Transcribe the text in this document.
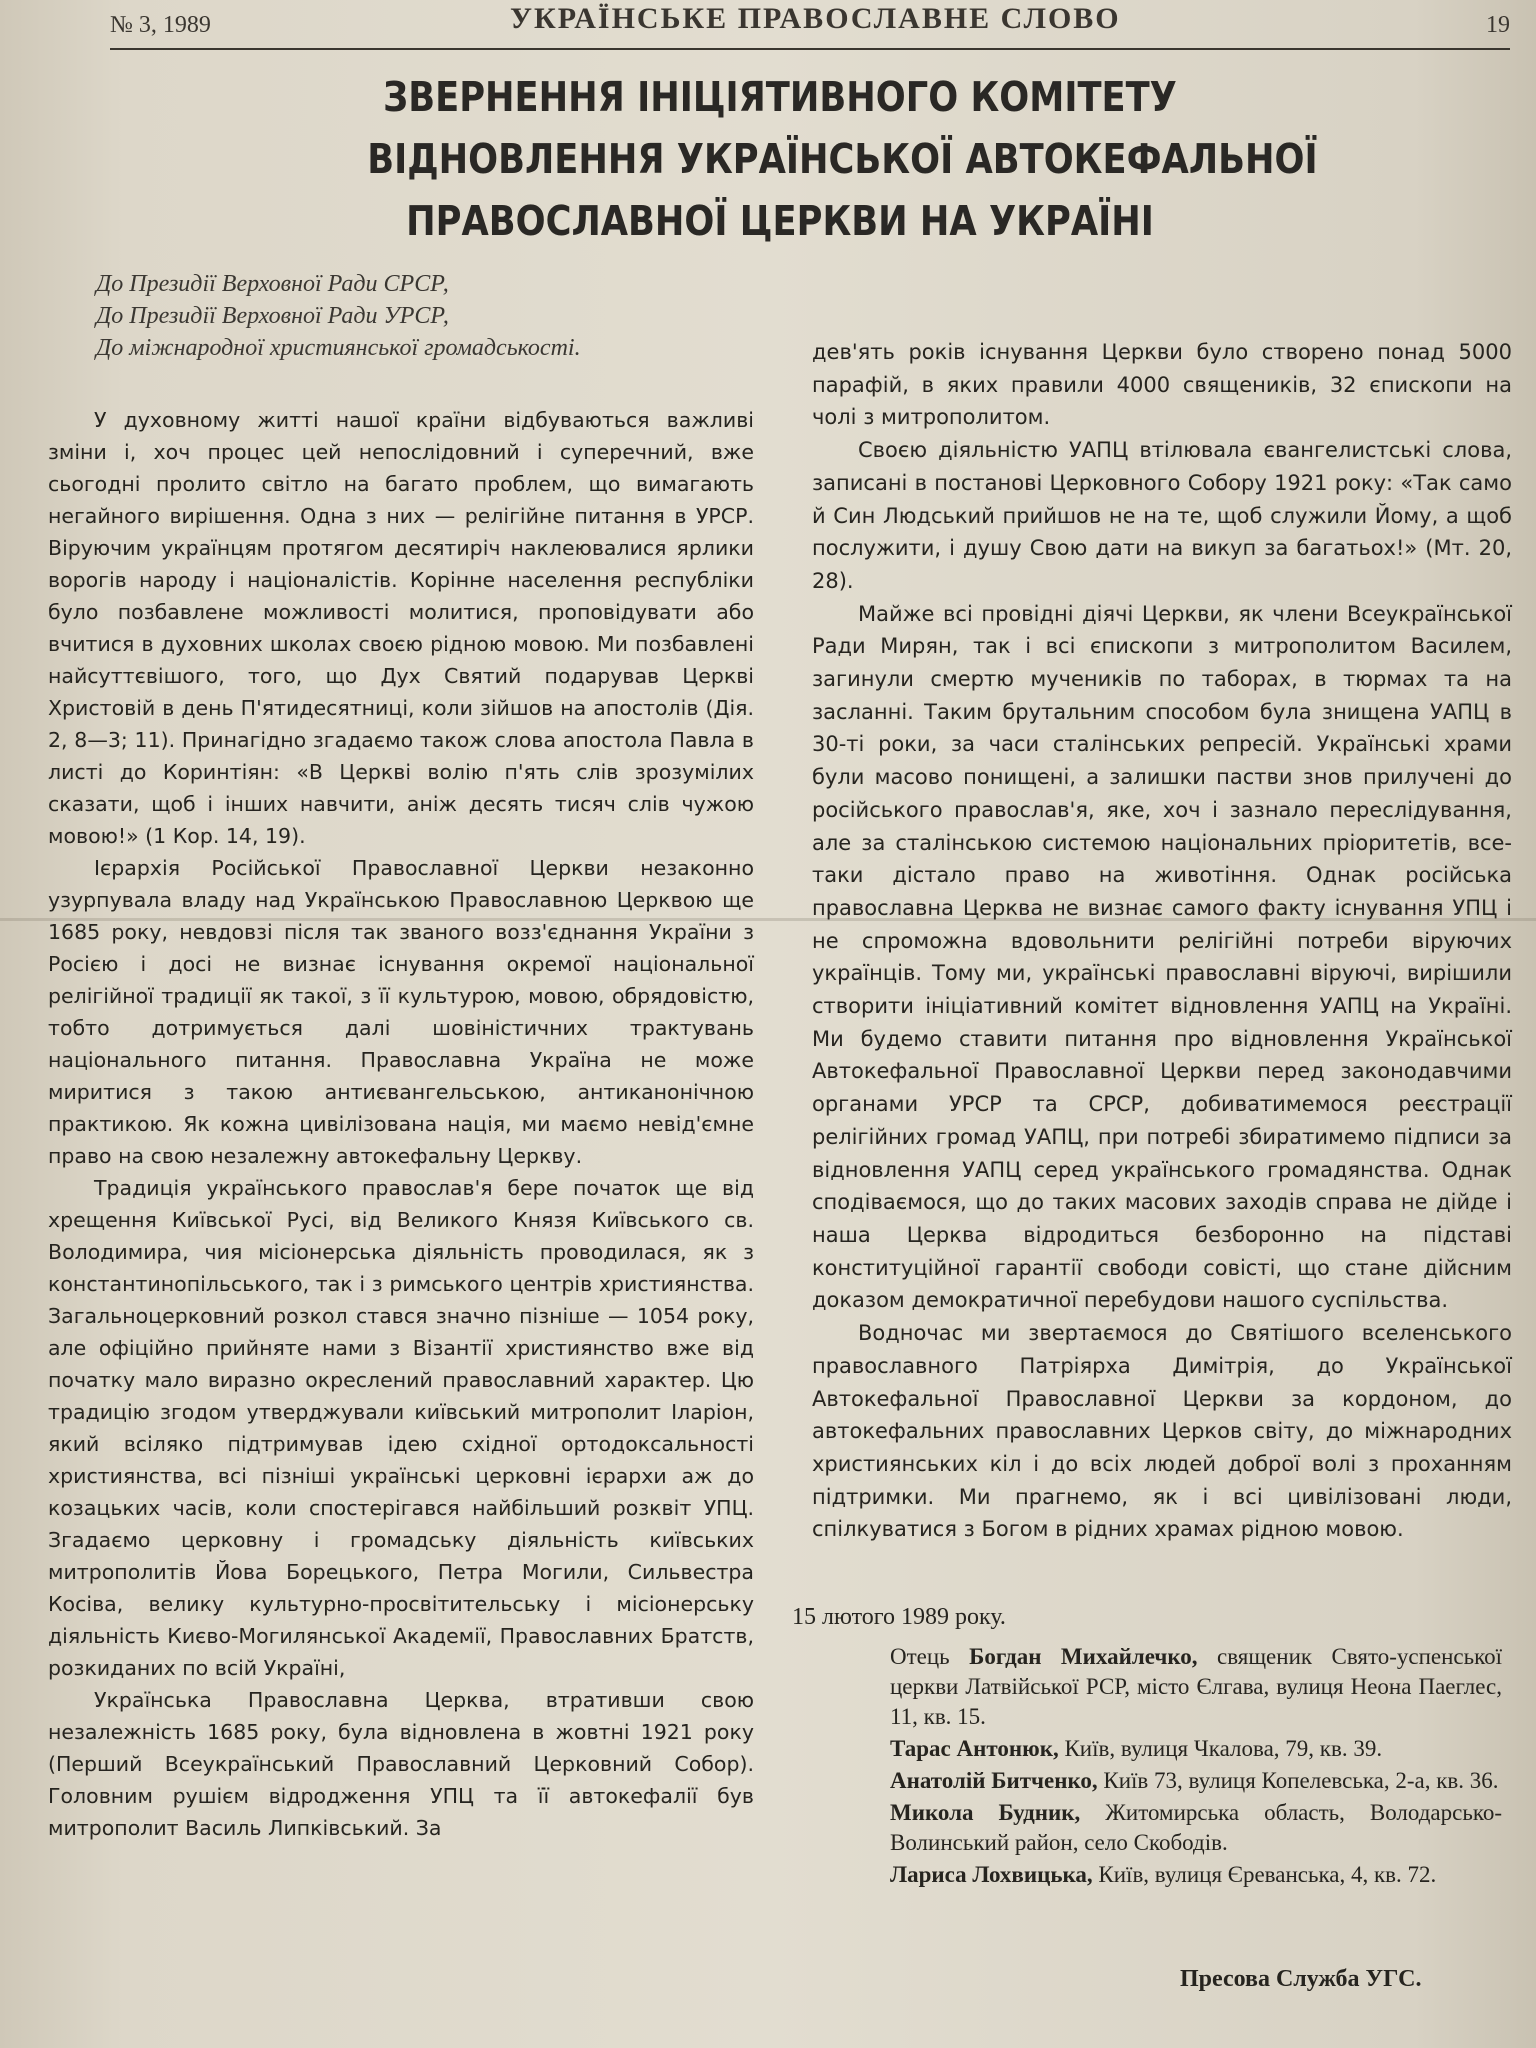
№ 3, 1989	УКРАЇНСЬКЕ ПРАВОСЛАВНЕ СЛОВО	19
ЗВЕРНЕННЯ ІНІЦІЯТИВНОГО КОМІТЕТУ
ВІДНОВЛЕННЯ УКРАЇНСЬКОЇ АВТОКЕФАЛЬНОЇ
ПРАВОСЛАВНОЇ ЦЕРКВИ НА УКРАЇНІ
До Президії Верховної Ради СРСР,
До Президії Верховної Ради УРСР,
До міжнародної християнської громадськості.

У духовному житті нашої країни відбуваються важливі зміни і, хоч процес цей непослідовний і суперечний, вже сьогодні пролито світло на багато проблем, що вимагають негайного вирішення. Одна з них — релігійне питання в УРСР. Віруючим українцям протягом десятиріч наклеювалися ярлики ворогів народу і націоналістів. Корінне населення республіки було позбавлене можливості молитися, проповідувати або вчитися в духовних школах своєю рідною мовою. Ми позбавлені найсуттєвішого, того, що Дух Святий подарував Церкві Христовій в день П'ятидесятниці, коли зійшов на апостолів (Дія. 2, 8—3; 11). Принагідно згадаємо також слова апостола Павла в листі до Коринтіян: «В Церкві волію п'ять слів зрозумілих сказати, щоб і інших навчити, аніж десять тисяч слів чужою мовою!» (1 Кор. 14, 19).

Ієрархія Російської Православної Церкви незаконно узурпувала владу над Українською Православною Церквою ще 1685 року, невдовзі після так званого возз'єднання України з Росією і досі не визнає існування окремої національної релігійної традиції як такої, з її культурою, мовою, обрядовістю, тобто дотримується далі шовіністичних трактувань національного питання. Православна Україна не може миритися з такою антиєвангельською, антиканонічною практикою. Як кожна цивілізована нація, ми маємо невід'ємне право на свою незалежну автокефальну Церкву.

Традиція українського православ'я бере початок ще від хрещення Київської Русі, від Великого Князя Київського св. Володимира, чия місіонерська діяльність проводилася, як з константинопільського, так і з римського центрів християнства. Загальноцерковний розкол стався значно пізніше — 1054 року, але офіційно прийняте нами з Візантії християнство вже від початку мало виразно окреслений православний характер. Цю традицію згодом утверджували київський митрополит Іларіон, який всіляко підтримував ідею східної ортодоксальності християнства, всі пізніші українські церковні ієрархи аж до козацьких часів, коли спостерігався найбільший розквіт УПЦ. Згадаємо церковну і громадську діяльність київських митрополитів Йова Борецького, Петра Могили, Сильвестра Косіва, велику культурно-просвітительську і місіонерську діяльність Києво-Могилянської Академії, Православних Братств, розкиданих по всій Україні,

Українська Православна Церква, втративши свою незалежність 1685 року, була відновлена в жовтні 1921 року (Перший Всеукраїнський Православний Церковний Собор). Головним рушієм відродження УПЦ та її автокефалії був митрополит Василь Липківський. За

дев'ять років існування Церкви було створено понад 5000 парафій, в яких правили 4000 священиків, 32 єпископи на чолі з митрополитом.

Своєю діяльністю УАПЦ втілювала євангелистські слова, записані в постанові Церковного Собору 1921 року: «Так само й Син Людський прийшов не на те, щоб служили Йому, а щоб послужити, і душу Свою дати на викуп за багатьох!» (Мт. 20, 28).

Майже всі провідні діячі Церкви, як члени Всеукраїнської Ради Мирян, так і всі єпископи з митрополитом Василем, загинули смертю мучеників по таборах, в тюрмах та на засланні. Таким брутальним способом була знищена УАПЦ в 30-ті роки, за часи сталінських репресій. Українські храми були масово понищені, а залишки пастви знов прилучені до російського православ'я, яке, хоч і зазнало переслідування, але за сталінською системою національних пріоритетів, все-таки дістало право на животіння. Однак російська православна Церква не визнає самого факту існування УПЦ і не спроможна вдовольнити релігійні потреби віруючих українців. Тому ми, українські православні віруючі, вирішили створити ініціативний комітет відновлення УАПЦ на Україні. Ми будемо ставити питання про відновлення Української Автокефальної Православної Церкви перед законодавчими органами УРСР та СРСР, добиватимемося реєстрації релігійних громад УАПЦ, при потребі збиратимемо підписи за відновлення УАПЦ серед українського громадянства. Однак сподіваємося, що до таких масових заходів справа не дійде і наша Церква відродиться безборонно на підставі конституційної гарантії свободи совісті, що стане дійсним доказом демократичної перебудови нашого суспільства.

Водночас ми звертаємося до Святішого вселенського православного Патріярха Димітрія, до Української Автокефальної Православної Церкви за кордоном, до автокефальних православних Церков світу, до міжнародних християнських кіл і до всіх людей доброї волі з проханням підтримки. Ми прагнемо, як і всі цивілізовані люди, спілкуватися з Богом в рідних храмах рідною мовою.

15 лютого 1989 року.
Отець Богдан Михайлечко, священик Свято-успенської церкви Латвійської РСР, місто Єлгава, вулиця Неона Паеглес, 11, кв. 15.
Тарас Антонюк, Київ, вулиця Чкалова, 79, кв. 39.
Анатолій Битченко, Київ 73, вулиця Копелевська, 2-а, кв. 36.
Микола Будник, Житомирська область, Володарсько-Волинський район, село Скободів.
Лариса Лохвицька, Київ, вулиця Єреванська, 4, кв. 72.
Пресова Служба УГС.
